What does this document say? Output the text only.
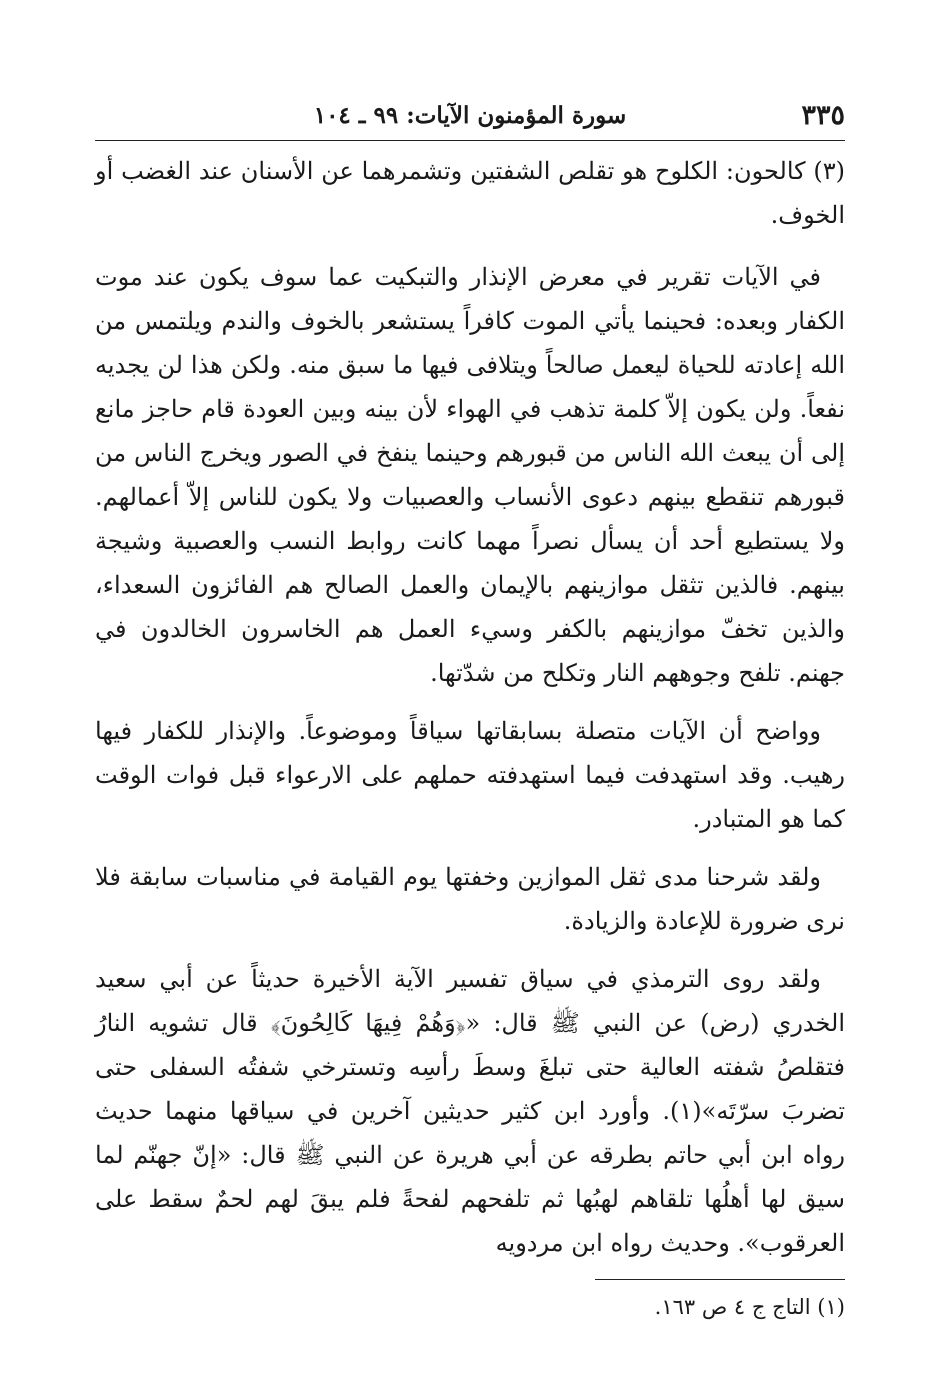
٣٣٥
سورة المؤمنون الآيات: ٩٩ ـ ١٠٤

(٣) كالحون: الكلوح هو تقلص الشفتين وتشمرهما عن الأسنان عند الغضب أو الخوف.

في الآيات تقرير في معرض الإنذار والتبكيت عما سوف يكون عند موت الكفار وبعده: فحينما يأتي الموت كافراً يستشعر بالخوف والندم ويلتمس من الله إعادته للحياة ليعمل صالحاً ويتلافى فيها ما سبق منه. ولكن هذا لن يجديه نفعاً. ولن يكون إلاّ كلمة تذهب في الهواء لأن بينه وبين العودة قام حاجز مانع إلى أن يبعث الله الناس من قبورهم وحينما ينفخ في الصور ويخرج الناس من قبورهم تنقطع بينهم دعوى الأنساب والعصبيات ولا يكون للناس إلاّ أعمالهم. ولا يستطيع أحد أن يسأل نصراً مهما كانت روابط النسب والعصبية وشيجة بينهم. فالذين تثقل موازينهم بالإيمان والعمل الصالح هم الفائزون السعداء، والذين تخفّ موازينهم بالكفر وسيء العمل هم الخاسرون الخالدون في جهنم. تلفح وجوههم النار وتكلح من شدّتها.

وواضح أن الآيات متصلة بسابقاتها سياقاً وموضوعاً. والإنذار للكفار فيها رهيب. وقد استهدفت فيما استهدفته حملهم على الارعواء قبل فوات الوقت كما هو المتبادر.

ولقد شرحنا مدى ثقل الموازين وخفتها يوم القيامة في مناسبات سابقة فلا نرى ضرورة للإعادة والزيادة.

ولقد روى الترمذي في سياق تفسير الآية الأخيرة حديثاً عن أبي سعيد الخدري (رض) عن النبي ﷺ قال: «﴿وَهُمْ فِيهَا كَالِحُونَ﴾ قال تشويه النارُ فتقلصُ شفته العالية حتى تبلغَ وسطَ رأسِه وتسترخي شفتُه السفلى حتى تضربَ سرّتَه»(١). وأورد ابن كثير حديثين آخرين في سياقها منهما حديث رواه ابن أبي حاتم بطرقه عن أبي هريرة عن النبي ﷺ قال: «إنّ جهنّم لما سيق لها أهلُها تلقاهم لهبُها ثم تلفحهم لفحةً فلم يبقَ لهم لحمٌ سقط على العرقوب». وحديث رواه ابن مردويه

(١) التاج ج ٤ ص ١٦٣.
